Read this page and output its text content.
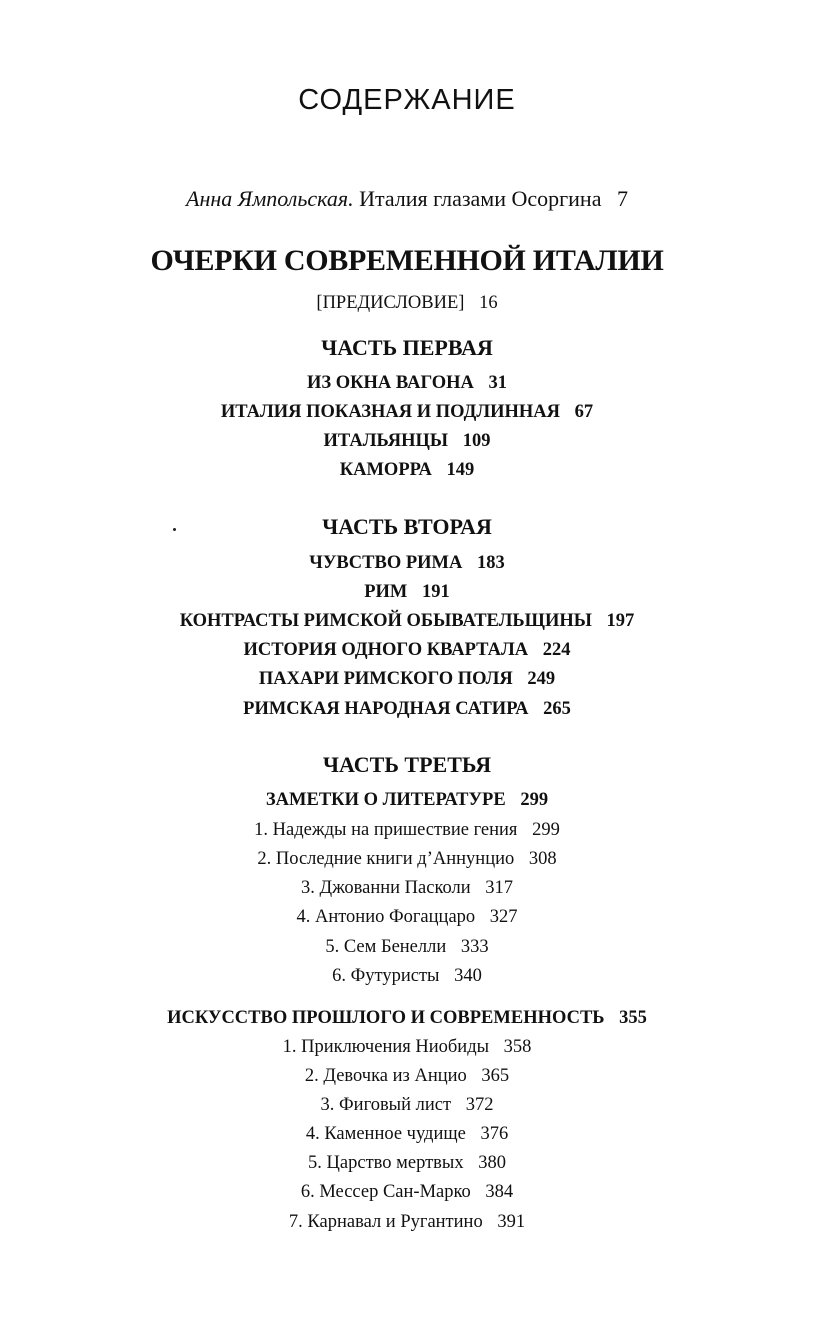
СОДЕРЖАНИЕ
Анна Ямпольская. Италия глазами Осоргина 7
ОЧЕРКИ СОВРЕМЕННОЙ ИТАЛИИ
[ПРЕДИСЛОВИЕ] 16
ЧАСТЬ ПЕРВАЯ
ИЗ ОКНА ВАГОНА 31
ИТАЛИЯ ПОКАЗНАЯ И ПОДЛИННАЯ 67
ИТАЛЬЯНЦЫ 109
КАМОРРА 149
ЧАСТЬ ВТОРАЯ
ЧУВСТВО РИМА 183
РИМ 191
КОНТРАСТЫ РИМСКОЙ ОБЫВАТЕЛЬЩИНЫ 197
ИСТОРИЯ ОДНОГО КВАРТАЛА 224
ПАХАРИ РИМСКОГО ПОЛЯ 249
РИМСКАЯ НАРОДНАЯ САТИРА 265
ЧАСТЬ ТРЕТЬЯ
ЗАМЕТКИ О ЛИТЕРАТУРЕ 299
1. Надежды на пришествие гения 299
2. Последние книги д’Аннунцио 308
3. Джованни Пасколи 317
4. Антонио Фогаццаро 327
5. Сем Бенелли 333
6. Футуристы 340
ИСКУССТВО ПРОШЛОГО И СОВРЕМЕННОСТЬ 355
1. Приключения Ниобиды 358
2. Девочка из Анцио 365
3. Фиговый лист 372
4. Каменное чудище 376
5. Царство мертвых 380
6. Мессер Сан-Марко 384
7. Карнавал и Ругантино 391
